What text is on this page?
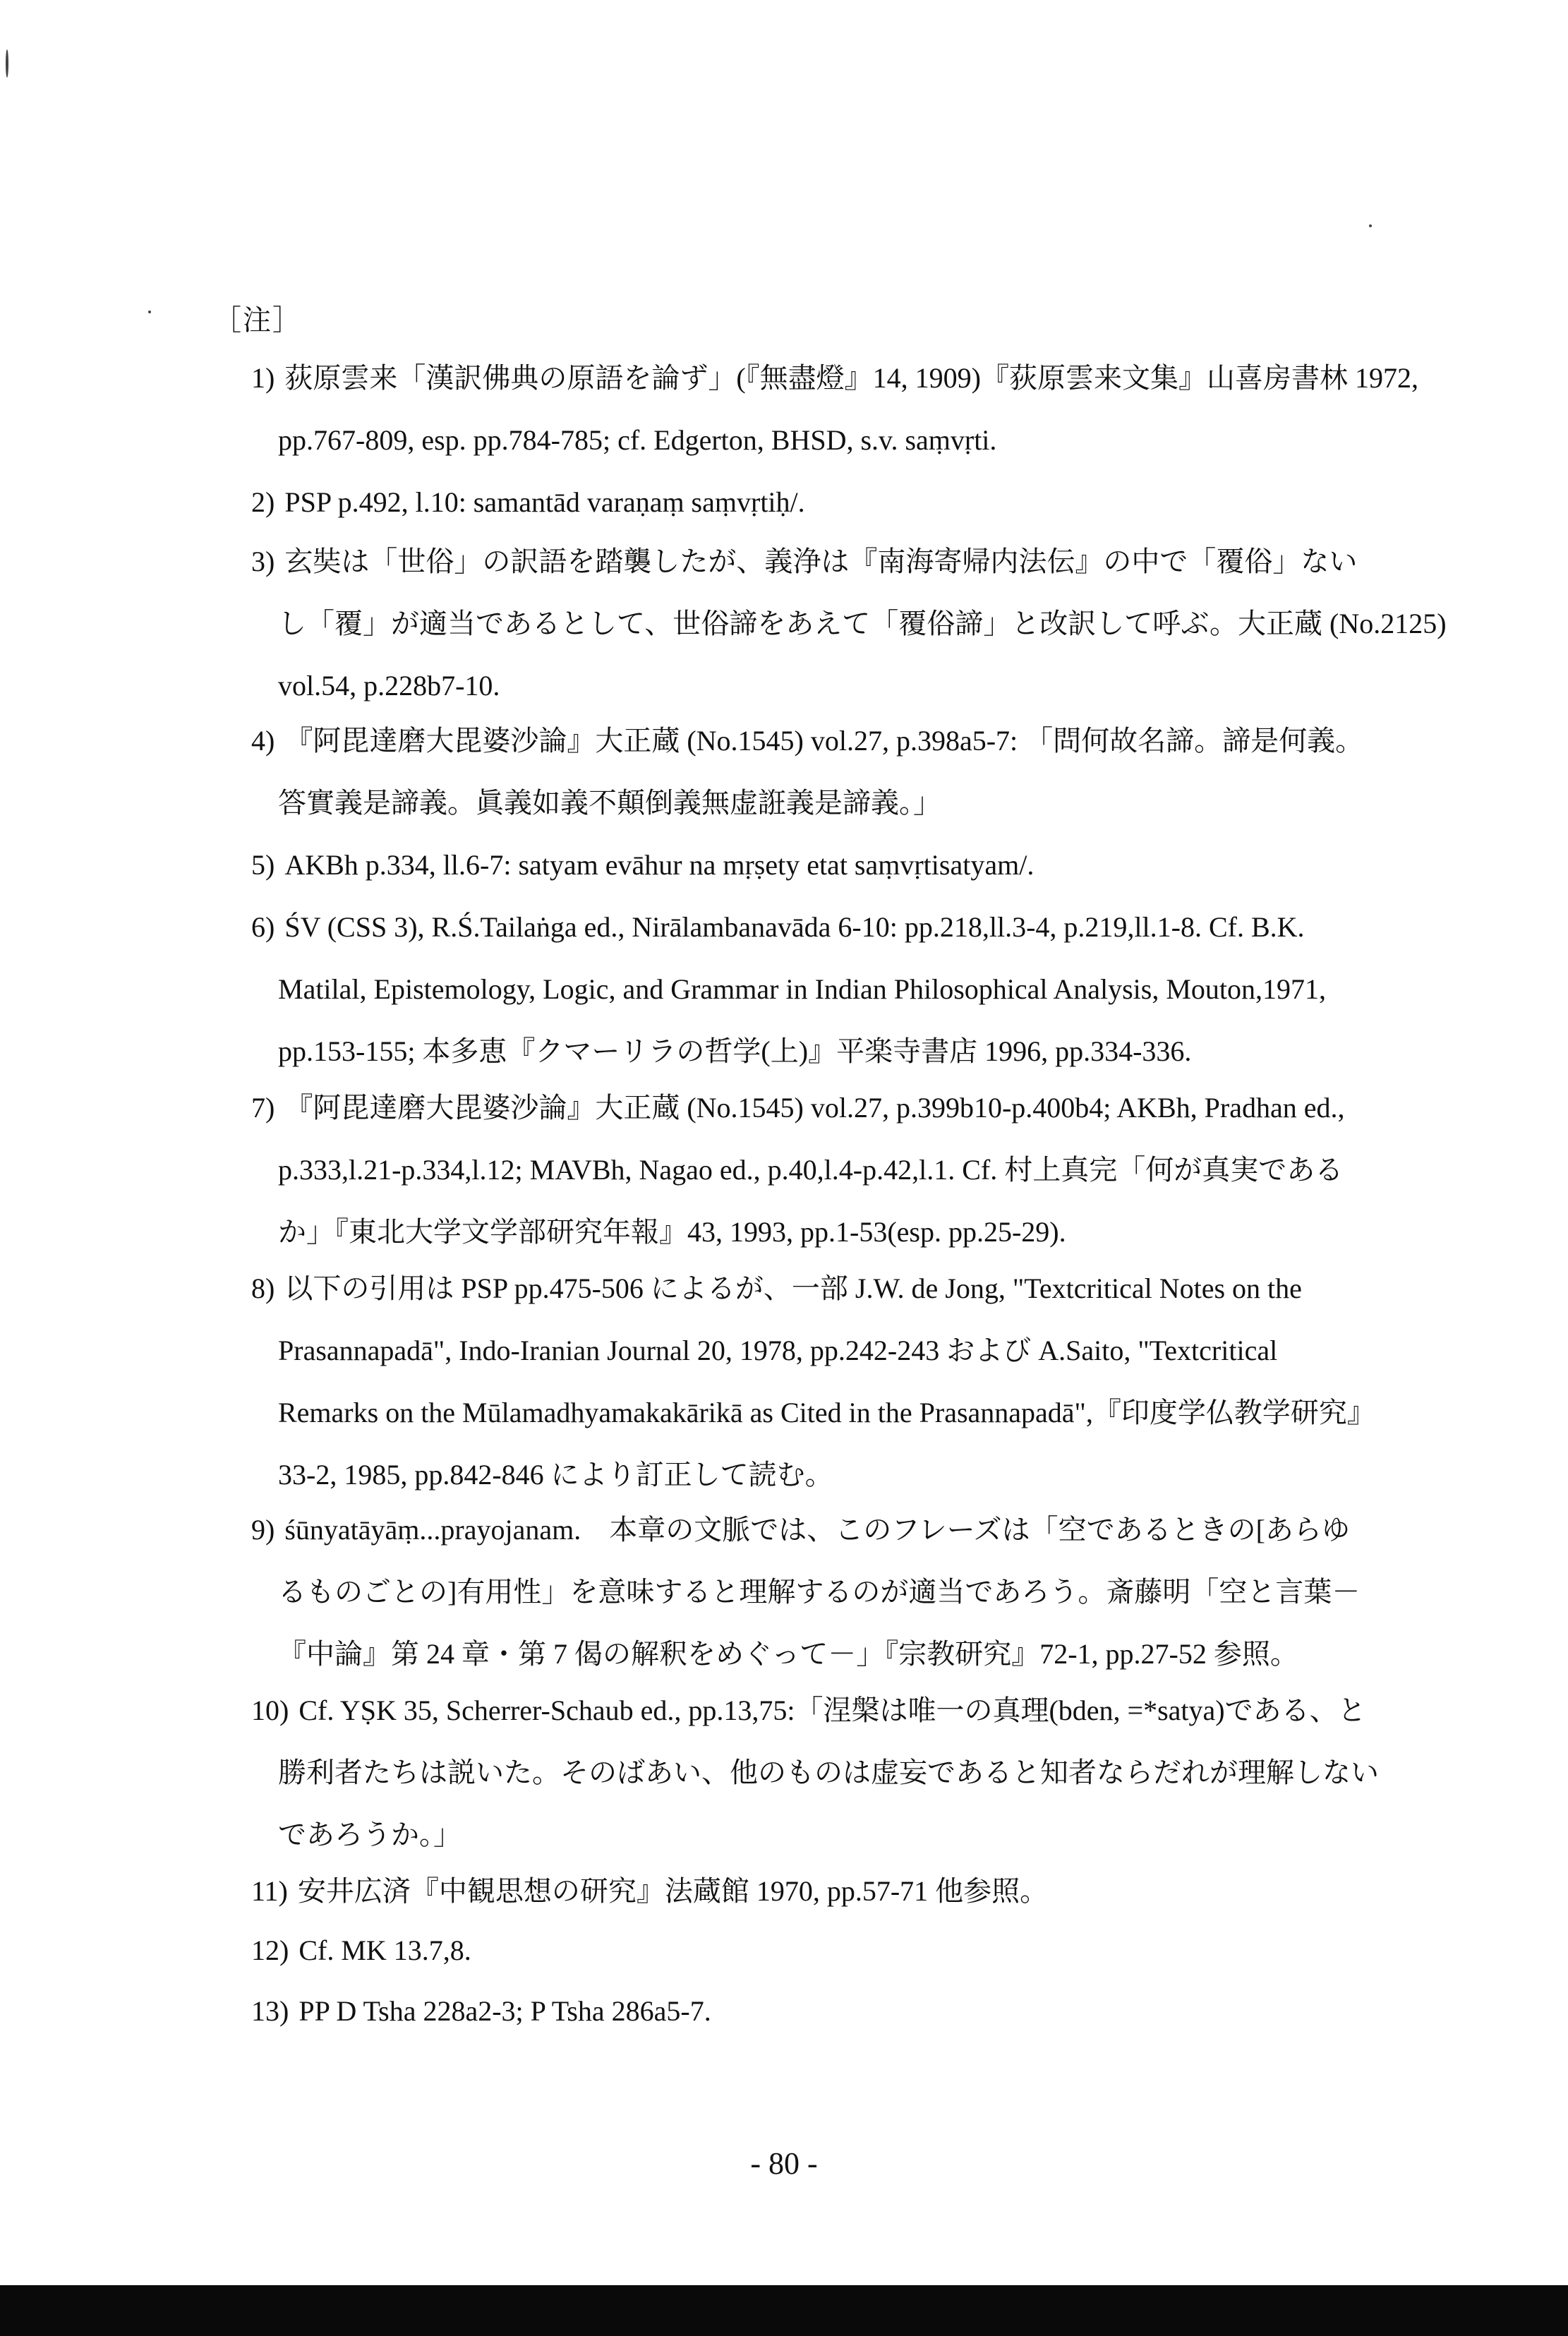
［注］
1) 荻原雲来「漢訳佛典の原語を論ず」(『無盡燈』14, 1909)『荻原雲来文集』山喜房書林 1972,
pp.767-809, esp. pp.784-785; cf. Edgerton, BHSD, s.v. saṃvṛti.
2) PSP p.492, l.10: samantād varaṇaṃ saṃvṛtiḥ/.
3) 玄奘は「世俗」の訳語を踏襲したが、義浄は『南海寄帰内法伝』の中で「覆俗」ない
し「覆」が適当であるとして、世俗諦をあえて「覆俗諦」と改訳して呼ぶ。大正蔵 (No.2125)
vol.54, p.228b7-10.
4) 『阿毘達磨大毘婆沙論』大正蔵 (No.1545) vol.27, p.398a5-7: 「問何故名諦。諦是何義。
答實義是諦義。眞義如義不顛倒義無虚誑義是諦義。」
5) AKBh p.334, ll.6-7: satyam evāhur na mṛṣety etat saṃvṛtisatyam/.
6) ŚV (CSS 3), R.Ś.Tailaṅga ed., Nirālambanavāda 6-10: pp.218,ll.3-4, p.219,ll.1-8. Cf. B.K.
Matilal, Epistemology, Logic, and Grammar in Indian Philosophical Analysis, Mouton,1971,
pp.153-155; 本多恵『クマーリラの哲学(上)』平楽寺書店 1996, pp.334-336.
7) 『阿毘達磨大毘婆沙論』大正蔵 (No.1545) vol.27, p.399b10-p.400b4; AKBh, Pradhan ed.,
p.333,l.21-p.334,l.12; MAVBh, Nagao ed., p.40,l.4-p.42,l.1. Cf. 村上真完「何が真実である
か」『東北大学文学部研究年報』43, 1993, pp.1-53(esp. pp.25-29).
8) 以下の引用は PSP pp.475-506 によるが、一部 J.W. de Jong, "Textcritical Notes on the
Prasannapadā", Indo-Iranian Journal 20, 1978, pp.242-243 および A.Saito, "Textcritical
Remarks on the Mūlamadhyamakakārikā as Cited in the Prasannapadā",『印度学仏教学研究』
33-2, 1985, pp.842-846 により訂正して読む。
9) śūnyatāyāṃ...prayojanam.　本章の文脈では、このフレーズは「空であるときの[あらゆ
るものごとの]有用性」を意味すると理解するのが適当であろう。斎藤明「空と言葉－
『中論』第 24 章・第 7 偈の解釈をめぐって－」『宗教研究』72-1, pp.27-52 参照。
10) Cf. YṢK 35, Scherrer-Schaub ed., pp.13,75:「涅槃は唯一の真理(bden, =*satya)である、と
勝利者たちは説いた。そのばあい、他のものは虚妄であると知者ならだれが理解しない
であろうか。」
11) 安井広済『中観思想の研究』法蔵館 1970, pp.57-71 他参照。
12) Cf. MK 13.7,8.
13) PP D Tsha 228a2-3; P Tsha 286a5-7.
- 80 -
